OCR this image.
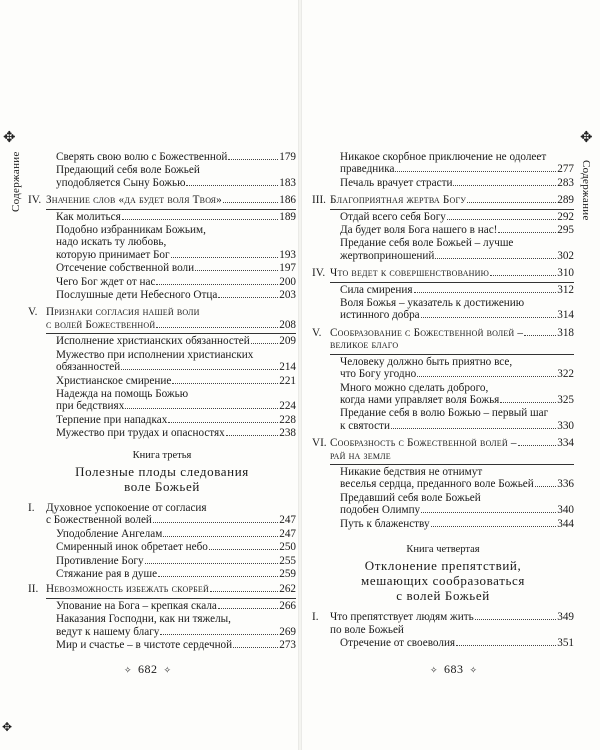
✥
Содержание	Сверять свою волю с Божественной	179
Предающий себя воле Божьей
уподобляется Сыну Божью	183
IV. Значение слов «да будет воля Твоя»	186
Как молиться	189
Подобно избранникам Божьим,
надо искать ту любовь,
которую принимает Бог	193
Отсечение собственной воли	197
Чего Бог ждет от нас	200
Послушные дети Небесного Отца	203
V. Признаки согласия нашей воли
с волей Божественной	208
Исполнение христианских обязанностей	209
Мужество при исполнении христианских
обязанностей	214
Христианское смирение	221
Надежда на помощь Божью
при бедствиях	224
Терпение при нападках	228
Мужество при трудах и опасностях	238
Книга третья
Полезные плоды следования
воле Божьей
I.	Духовное успокоение от согласия
с Божественной волей	247
Уподобление Ангелам	247
Смиренный инок обретает небо	250
Противление Богу	255
Стяжание рая в душе	259
II. Невозможность избежать скорбей	262
Упование на Бога – крепкая скала	266
Наказания Господни, как ни тяжелы,
ведут к нашему благу	269
Мир и счастье – в чистоте сердечной	273
✧ 682 ✧
✥
✥
Содержание
Никакое скорбное приключение не одолеет
праведника	277
Печаль врачует страсти	283
III. Благоприятная жертва Богу	289
Отдай всего себя Богу	292
Да будет воля Бога нашего в нас!	295
Предание себя воле Божьей – лучше
жертвоприношений	302
IV. Что ведет к совершенствованию	310
Сила смирения	312
Воля Божья – указатель к достижению
истинного добра	314
V. Сообразование с Божественной волей –	318
великое благо
Человеку должно быть приятно все,
что Богу угодно	322
Много можно сделать доброго,
когда нами управляет воля Божья	325
Предание себя в волю Божью – первый шаг
к святости	330
VI. Сообразность с Божественной волей –	334
рай на земле
Никакие бедствия не отнимут
веселья сердца, преданного воле Божьей 336
Предавший себя воле Божьей
подобен Олимпу	340
Путь к блаженству	344
Книга четвертая
Отклонение препятствий,
мешающих сообразоваться
с волей Божьей
I.	Что препятствует людям жить	349
по воле Божьей
Отречение от своеволия	351
✧ 683 ✧
